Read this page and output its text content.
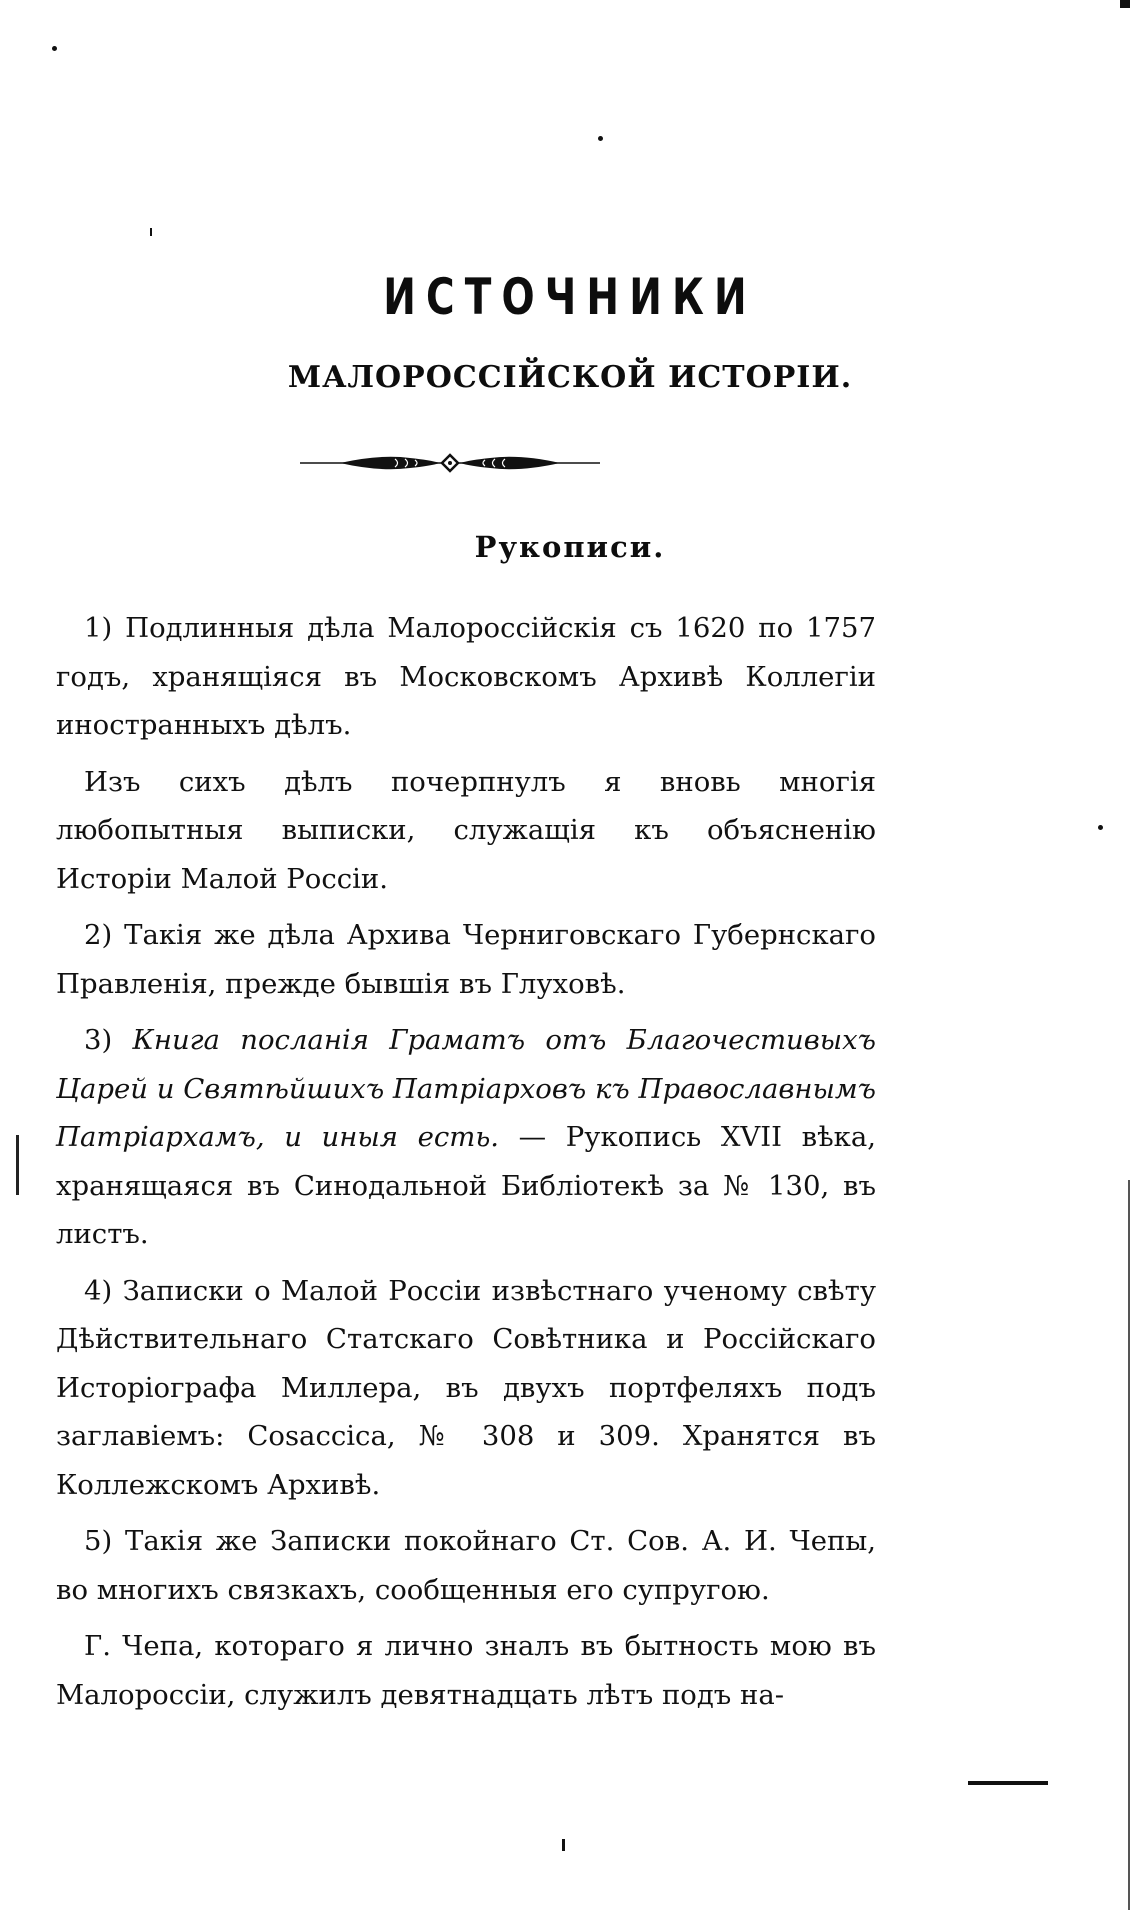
ИСТОЧНИКИ
МАЛОРОССІЙСКОЙ ИСТОРІИ.
Рукописи.

1) Подлинныя дѣла Малороссійскія съ 1620 по 1757 годъ, хранящіяся въ Московскомъ Архивѣ Коллегіи иностранныхъ дѣлъ.

Изъ сихъ дѣлъ почерпнулъ я вновь многія любопытныя выписки, служащія къ объясненію Исторіи Малой Россіи.

2) Такія же дѣла Архива Черниговскаго Губернскаго Правленія, прежде бывшія въ Глуховѣ.

3) Книга посланія Граматъ отъ Благочестивыхъ Царей и Святѣйшихъ Патріарховъ къ Православнымъ Патріархамъ, и иныя есть. — Рукопись XVII вѣка, хранящаяся въ Синодальной Библіотекѣ за № 130, въ листъ.

4) Записки о Малой Россіи извѣстнаго ученому свѣту Дѣйствительнаго Статскаго Совѣтника и Россійскаго Исторіографа Миллера, въ двухъ портфеляхъ подъ заглавіемъ: Cosaccica, № 308 и 309. Хранятся въ Коллежскомъ Архивѣ.

5) Такія же Записки покойнаго Ст. Сов. А. И. Чепы, во многихъ связкахъ, сообщенныя его супругою.

Г. Чепа, котораго я лично зналъ въ бытность мою въ Малороссіи, служилъ девятнадцать лѣтъ подъ на-
